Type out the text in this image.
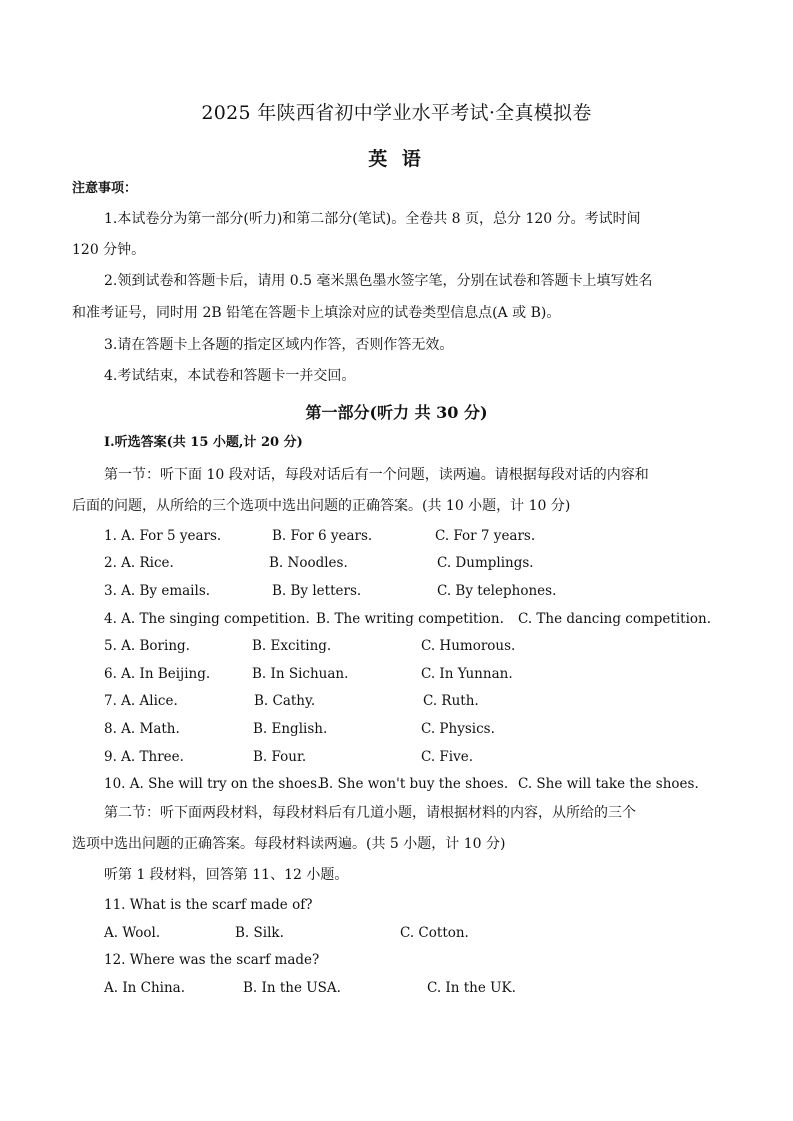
2025 年陕西省初中学业水平考试·全真模拟卷
英 语
注意事项：
1.本试卷分为第一部分(听力)和第二部分(笔试)。全卷共 8 页，总分 120 分。考试时间
120 分钟。
2.领到试卷和答题卡后，请用 0.5 毫米黑色墨水签字笔，分别在试卷和答题卡上填写姓名
和准考证号，同时用 2B 铅笔在答题卡上填涂对应的试卷类型信息点(A 或 B)。
3.请在答题卡上各题的指定区域内作答，否则作答无效。
4.考试结束，本试卷和答题卡一并交回。
第一部分(听力 共 30 分)
Ⅰ.听选答案(共 15 小题,计 20 分)
第一节：听下面 10 段对话，每段对话后有一个问题，读两遍。请根据每段对话的内容和
后面的问题，从所给的三个选项中选出问题的正确答案。(共 10 小题，计 10 分)
1. A. For 5 years.	B. For 6 years.	C. For 7 years.
2. A. Rice.	B. Noodles.	C. Dumplings.
3. A. By emails.	B. By letters.	C. By telephones.
4. A. The singing competition. B. The writing competition. C. The dancing competition.
5. A. Boring.	B. Exciting.	C. Humorous.
6. A. In Beijing.	B. In Sichuan.	C. In Yunnan.
7. A. Alice.	B. Cathy.	C. Ruth.
8. A. Math.	B. English.	C. Physics.
9. A. Three.	B. Four.	C. Five.
10. A. She will try on the shoes.
B. She won't buy the shoes. C. She will take the shoes.
第二节：听下面两段材料，每段材料后有几道小题，请根据材料的内容，从所给的三个
选项中选出问题的正确答案。每段材料读两遍。(共 5 小题，计 10 分)
听第 1 段材料，回答第 11、12 小题。
11. What is the scarf made of?
A. Wool.	B. Silk.	C. Cotton.
12. Where was the scarf made?
A. In China.	B. In the USA.	C. In the UK.
